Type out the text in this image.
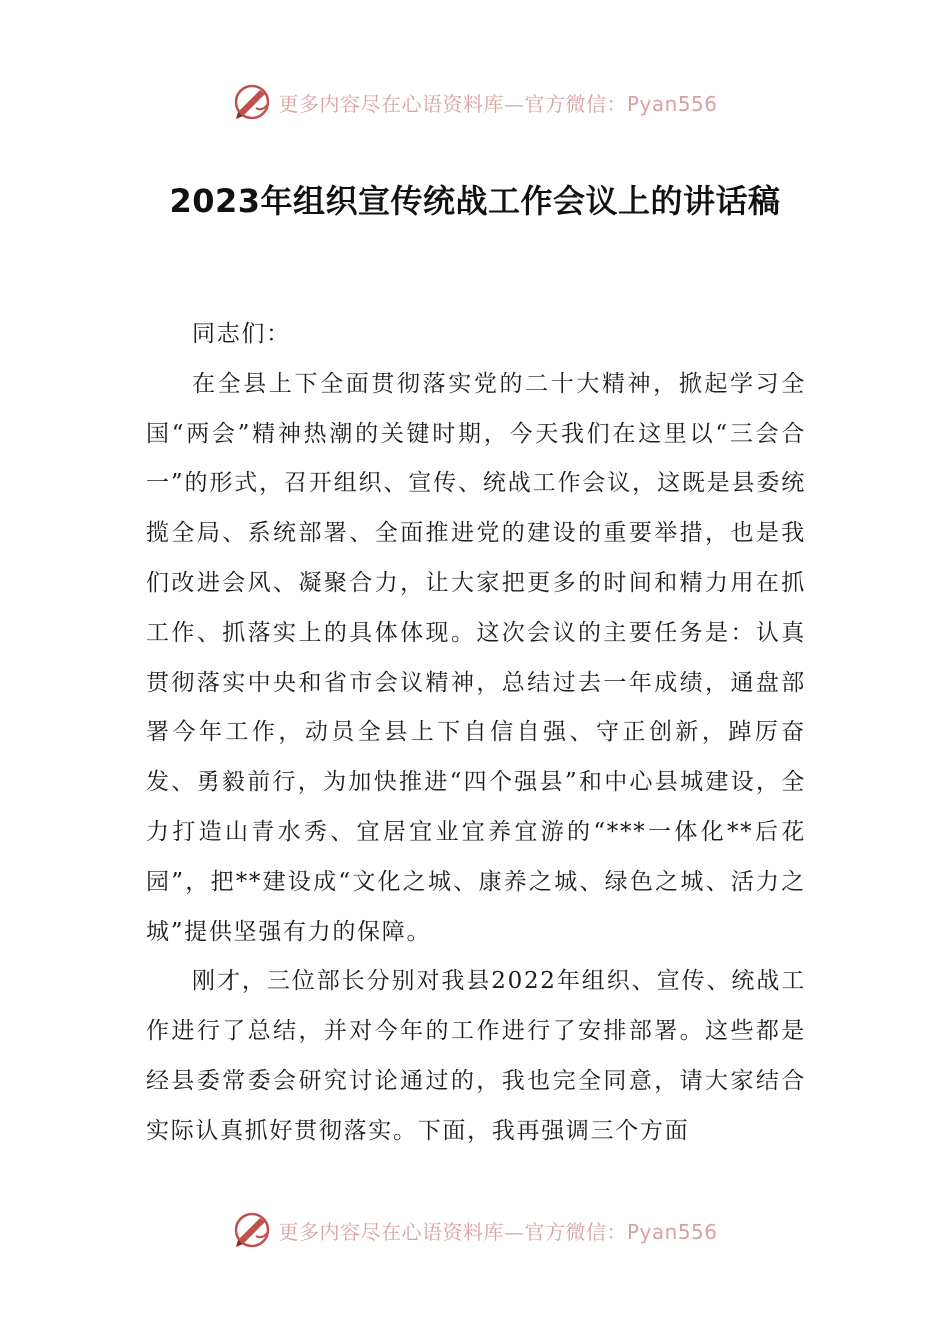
更多内容尽在心语资料库—官方微信：Pyan556
2023年组织宣传统战工作会议上的讲话稿

同志们：

在全县上下全面贯彻落实党的二十大精神，掀起学习全国“两会”精神热潮的关键时期，今天我们在这里以“三会合一”的形式，召开组织、宣传、统战工作会议，这既是县委统揽全局、系统部署、全面推进党的建设的重要举措，也是我们改进会风、凝聚合力，让大家把更多的时间和精力用在抓工作、抓落实上的具体体现。这次会议的主要任务是：认真贯彻落实中央和省市会议精神，总结过去一年成绩，通盘部署今年工作，动员全县上下自信自强、守正创新，踔厉奋发、勇毅前行，为加快推进“四个强县”和中心县城建设，全力打造山青水秀、宜居宜业宜养宜游的“***一体化**后花园”，把**建设成“文化之城、康养之城、绿色之城、活力之城”提供坚强有力的保障。

刚才，三位部长分别对我县2022年组织、宣传、统战工作进行了总结，并对今年的工作进行了安排部署。这些都是经县委常委会研究讨论通过的，我也完全同意，请大家结合实际认真抓好贯彻落实。下面，我再强调三个方面

更多内容尽在心语资料库—官方微信：Pyan556
